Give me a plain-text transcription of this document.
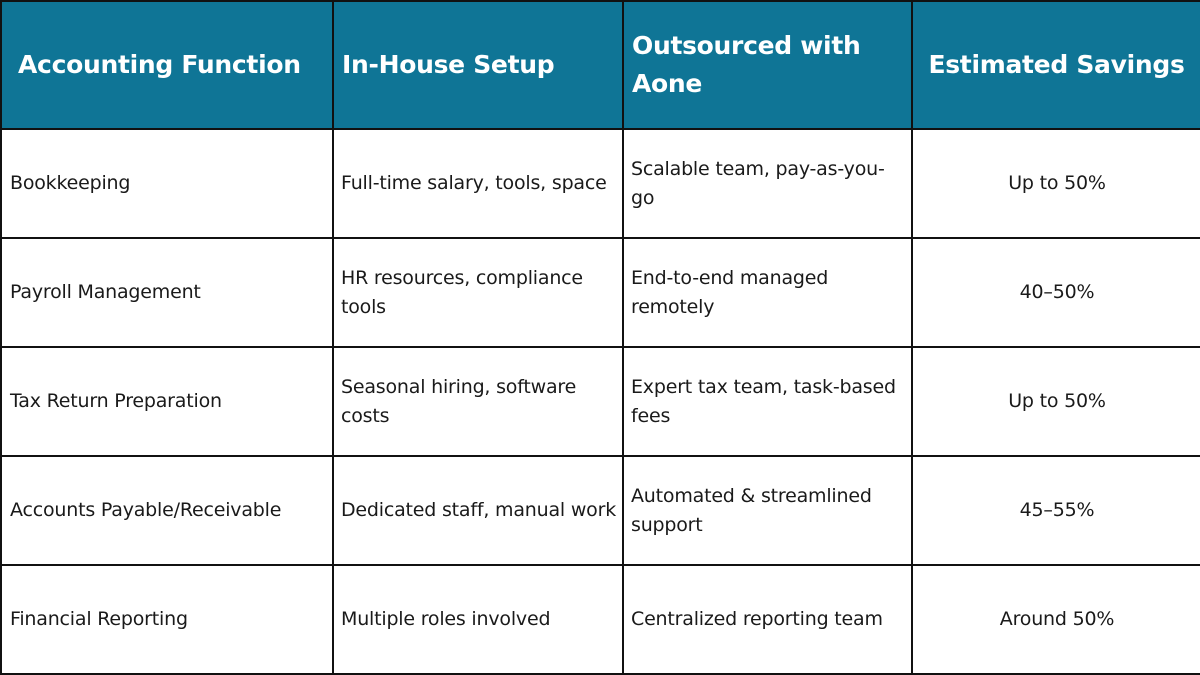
Accounting Function	In-House Setup	Outsourced with Aone	Estimated Savings
Bookkeeping	Full-time salary, tools, space	Scalable team, pay-as-you-go	Up to 50%
Payroll Management	HR resources, compliance tools	End-to-end managed remotely	40–50%
Tax Return Preparation	Seasonal hiring, software costs	Expert tax team, task-based fees	Up to 50%
Accounts Payable/Receivable	Dedicated staff, manual work	Automated & streamlined support	45–55%
Financial Reporting	Multiple roles involved	Centralized reporting team	Around 50%
